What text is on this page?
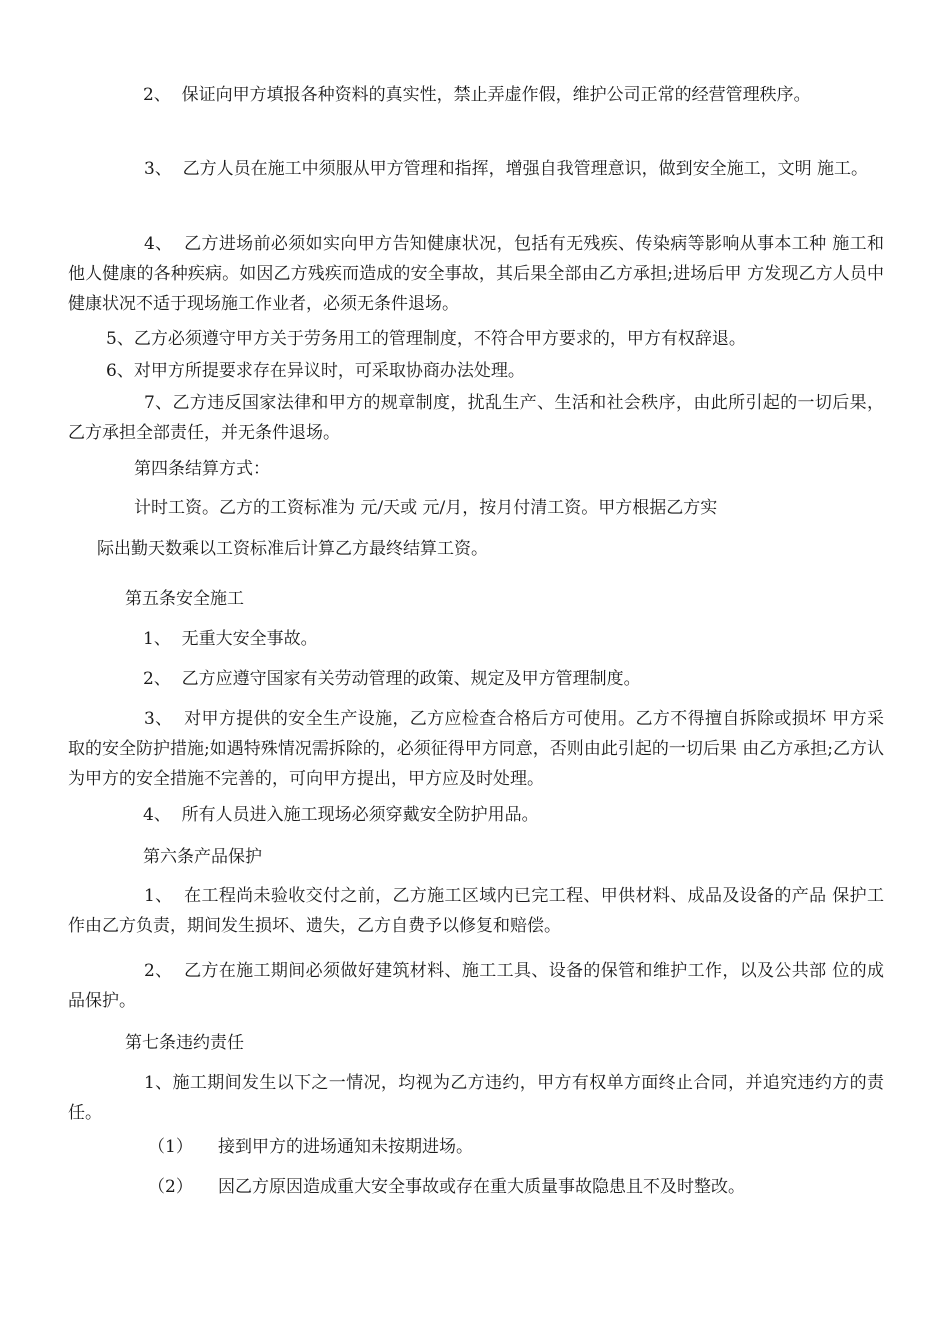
2、 保证向甲方填报各种资料的真实性，禁止弄虚作假，维护公司正常的经营管理秩序。

3、 乙方人员在施工中须服从甲方管理和指挥，增强自我管理意识，做到安全施工，文明 施工。

4、 乙方进场前必须如实向甲方告知健康状况，包括有无残疾、传染病等影响从事本工种 施工和他人健康的各种疾病。如因乙方残疾而造成的安全事故，其后果全部由乙方承担;进场后甲 方发现乙方人员中健康状况不适于现场施工作业者，必须无条件退场。

5、乙方必须遵守甲方关于劳务用工的管理制度，不符合甲方要求的，甲方有权辞退。

6、对甲方所提要求存在异议时，可采取协商办法处理。

7、乙方违反国家法律和甲方的规章制度，扰乱生产、生活和社会秩序，由此所引起的一切后果，乙方承担全部责任，并无条件退场。

第四条结算方式：

计时工资。乙方的工资标准为 元/天或 元/月，按月付清工资。甲方根据乙方实

际出勤天数乘以工资标准后计算乙方最终结算工资。

第五条安全施工

1、 无重大安全事故。

2、 乙方应遵守国家有关劳动管理的政策、规定及甲方管理制度。

3、 对甲方提供的安全生产设施，乙方应检查合格后方可使用。乙方不得擅自拆除或损坏 甲方采取的安全防护措施;如遇特殊情况需拆除的，必须征得甲方同意，否则由此引起的一切后果 由乙方承担;乙方认为甲方的安全措施不完善的，可向甲方提出，甲方应及时处理。

4、 所有人员进入施工现场必须穿戴安全防护用品。

第六条产品保护

1、 在工程尚未验收交付之前，乙方施工区域内已完工程、甲供材料、成品及设备的产品 保护工作由乙方负责，期间发生损坏、遗失，乙方自费予以修复和赔偿。

2、 乙方在施工期间必须做好建筑材料、施工工具、设备的保管和维护工作，以及公共部 位的成品保护。

第七条违约责任

1、施工期间发生以下之一情况，均视为乙方违约，甲方有权单方面终止合同，并追究违约方的责任。

（1） 接到甲方的进场通知未按期进场。

（2） 因乙方原因造成重大安全事故或存在重大质量事故隐患且不及时整改。
